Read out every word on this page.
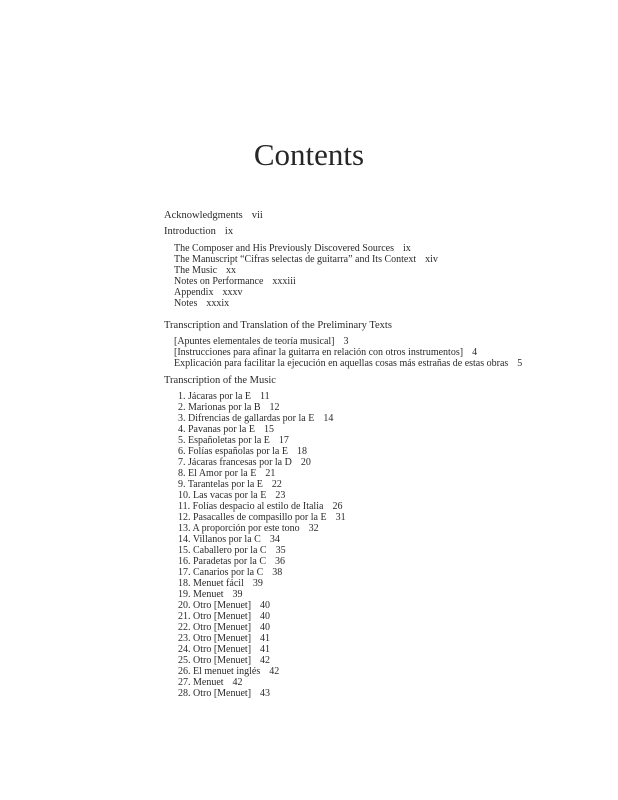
Contents
Acknowledgments vii
Introduction ix
The Composer and His Previously Discovered Sources ix
The Manuscript “Cifras selectas de guitarra” and Its Context xiv
The Music xx
Notes on Performance xxxiii
Appendix xxxv
Notes xxxix
Transcription and Translation of the Preliminary Texts
[Apuntes elementales de teoría musical] 3
[Instrucciones para afinar la guitarra en relación con otros instrumentos] 4
Explicación para facilitar la ejecución en aquellas cosas más estrañas de estas obras 5
Transcription of the Music
1. Jácaras por la E 11
2. Marionas por la B 12
3. Difrencias de gallardas por la E 14
4. Pavanas por la E 15
5. Españoletas por la E 17
6. Folías españolas por la E 18
7. Jácaras francesas por la D 20
8. El Amor por la E 21
9. Tarantelas por la E 22
10. Las vacas por la E 23
11. Folías despacio al estilo de Italia 26
12. Pasacalles de compasillo por la E 31
13. A proporción por este tono 32
14. Villanos por la C 34
15. Caballero por la C 35
16. Paradetas por la C 36
17. Canarios por la C 38
18. Menuet fácil 39
19. Menuet 39
20. Otro [Menuet] 40
21. Otro [Menuet] 40
22. Otro [Menuet] 40
23. Otro [Menuet] 41
24. Otro [Menuet] 41
25. Otro [Menuet] 42
26. El menuet inglés 42
27. Menuet 42
28. Otro [Menuet] 43
